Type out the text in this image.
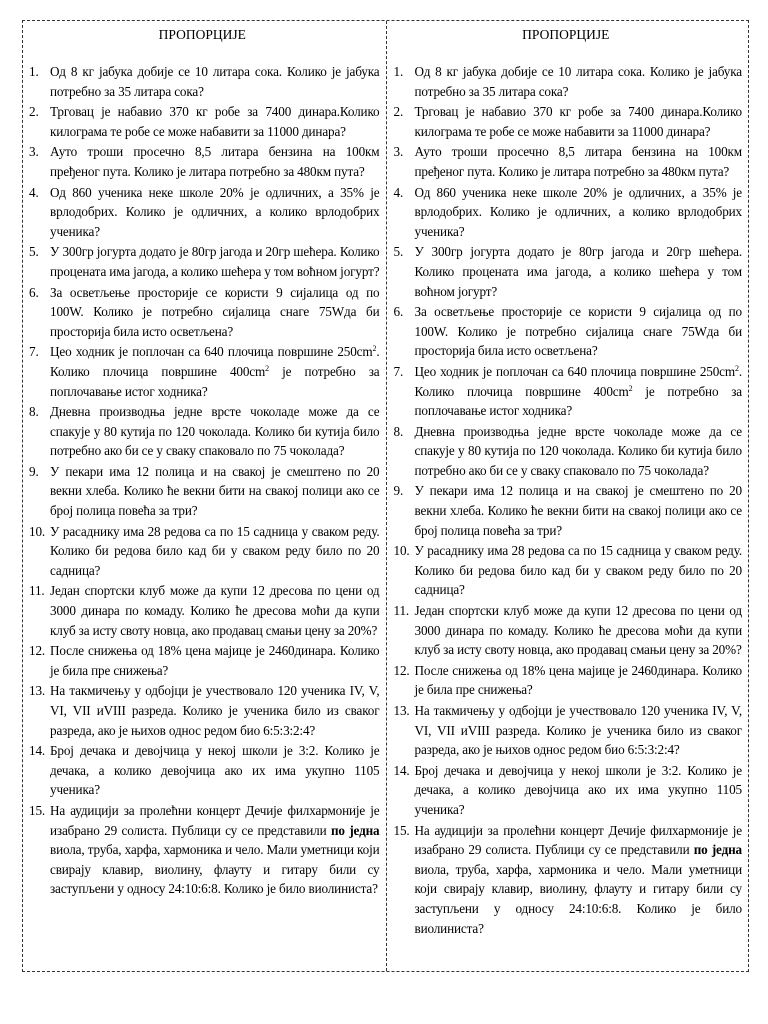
ПРОПОРЦИЈЕ
1. Од 8 кг јабука добије се 10 литара сока. Колико је јабука потребно за 35 литара сока?
2. Трговац је набавио 370 кг робе за 7400 динара.Колико килограма те робе се може набавити за 11000 динара?
3. Ауто троши просечно 8,5 литара бензина на 100км пређеног пута. Колико је литара потребно за 480км пута?
4. Од 860 ученика неке школе 20% је одличних, а 35% је врлодобрих. Колико је одличних, а колико врлодобрих ученика?
5. У 300гр јогурта додато је 80гр јагода и 20гр шећера. Колико процената има јагода, а колико шећера у том воћном јогурт?
6. За осветљење просторије се користи 9 сијалица од по 100W. Колико је потребно сијалица снаге 75Wда би просторија била исто осветљена?
7. Цео ходник је поплочан са 640 плочица површине $250cm^2$. Колико плочица површине $400cm^2$ је потребно за поплочавање истог ходника?
8. Дневна производња једне врсте чоколаде може да се спакује у 80 кутија по 120 чоколада. Колико би кутија било потребно ако би се у сваку спаковало по 75 чоколада?
9. У пекари има 12 полица и на свакој је смештено по 20 векни хлеба. Колико ће векни бити на свакој полици ако се број полица повећа за три?
10. У расаднику има 28 редова са по 15 садница у сваком реду. Колико би редова било кад би у сваком реду било по 20 садница?
11. Један спортски клуб може да купи 12 дресова по цени од 3000 динара по комаду. Колико ће дресова моћи да купи клуб за исту своту новца, ако продавац смањи цену за 20%?
12. После снижења од 18% цена мајице је 2460динара. Колико је била пре снижења?
13. На такмичењу у одбојци је учествовало 120 ученика IV, V, VI, VII иVIII разреда. Колико је ученика било из сваког разреда, ако је њихов однос редом био 6:5:3:2:4?
14. Број дечака и девојчица у некој школи је 3:2. Колико је дечака, а колико девојчица ако их има укупно 1105 ученика?
15. На аудицији за пролећни концерт Дечије филхармоније је изабрано 29 солиста. Публици су се представили по једна виола, труба, харфа, хармоника и чело. Мали уметници који свирају клавир, виолину, флауту и гитару били су заступљени у односу 24:10:6:8. Колико је било виолиниста?
ПРОПОРЦИЈЕ
1. Од 8 кг јабука добије се 10 литара сока. Колико је јабука потребно за 35 литара сока?
2. Трговац је набавио 370 кг робе за 7400 динара.Колико килограма те робе се може набавити за 11000 динара?
3. Ауто троши просечно 8,5 литара бензина на 100км пређеног пута. Колико је литара потребно за 480км пута?
4. Од 860 ученика неке школе 20% је одличних, а 35% је врлодобрих. Колико је одличних, а колико врлодобрих ученика?
5. У 300гр јогурта додато је 80гр јагода и 20гр шећера. Колико процената има јагода, а колико шећера у том воћном јогурт?
6. За осветљење просторије се користи 9 сијалица од по 100W. Колико је потребно сијалица снаге 75Wда би просторија била исто осветљена?
7. Цео ходник је поплочан са 640 плочица површине $250cm^2$. Колико плочица површине $400cm^2$ је потребно за поплочавање истог ходника?
8. Дневна производња једне врсте чоколаде може да се спакује у 80 кутија по 120 чоколада. Колико би кутија било потребно ако би се у сваку спаковало по 75 чоколада?
9. У пекари има 12 полица и на свакој је смештено по 20 векни хлеба. Колико ће векни бити на свакој полици ако се број полица повећа за три?
10. У расаднику има 28 редова са по 15 садница у сваком реду. Колико би редова било кад би у сваком реду било по 20 садница?
11. Један спортски клуб може да купи 12 дресова по цени од 3000 динара по комаду. Колико ће дресова моћи да купи клуб за исту своту новца, ако продавац смањи цену за 20%?
12. После снижења од 18% цена мајице је 2460динара. Колико је била пре снижења?
13. На такмичењу у одбојци је учествовало 120 ученика IV, V, VI, VII иVIII разреда. Колико је ученика било из сваког разреда, ако је њихов однос редом био 6:5:3:2:4?
14. Број дечака и девојчица у некој школи је 3:2. Колико је дечака, а колико девојчица ако их има укупно 1105 ученика?
15. На аудицији за пролећни концерт Дечије филхармоније је изабрано 29 солиста. Публици су се представили по једна виола, труба, харфа, хармоника и чело. Мали уметници који свирају клавир, виолину, флауту и гитару били су заступљени у односу 24:10:6:8. Колико је било виолиниста?
